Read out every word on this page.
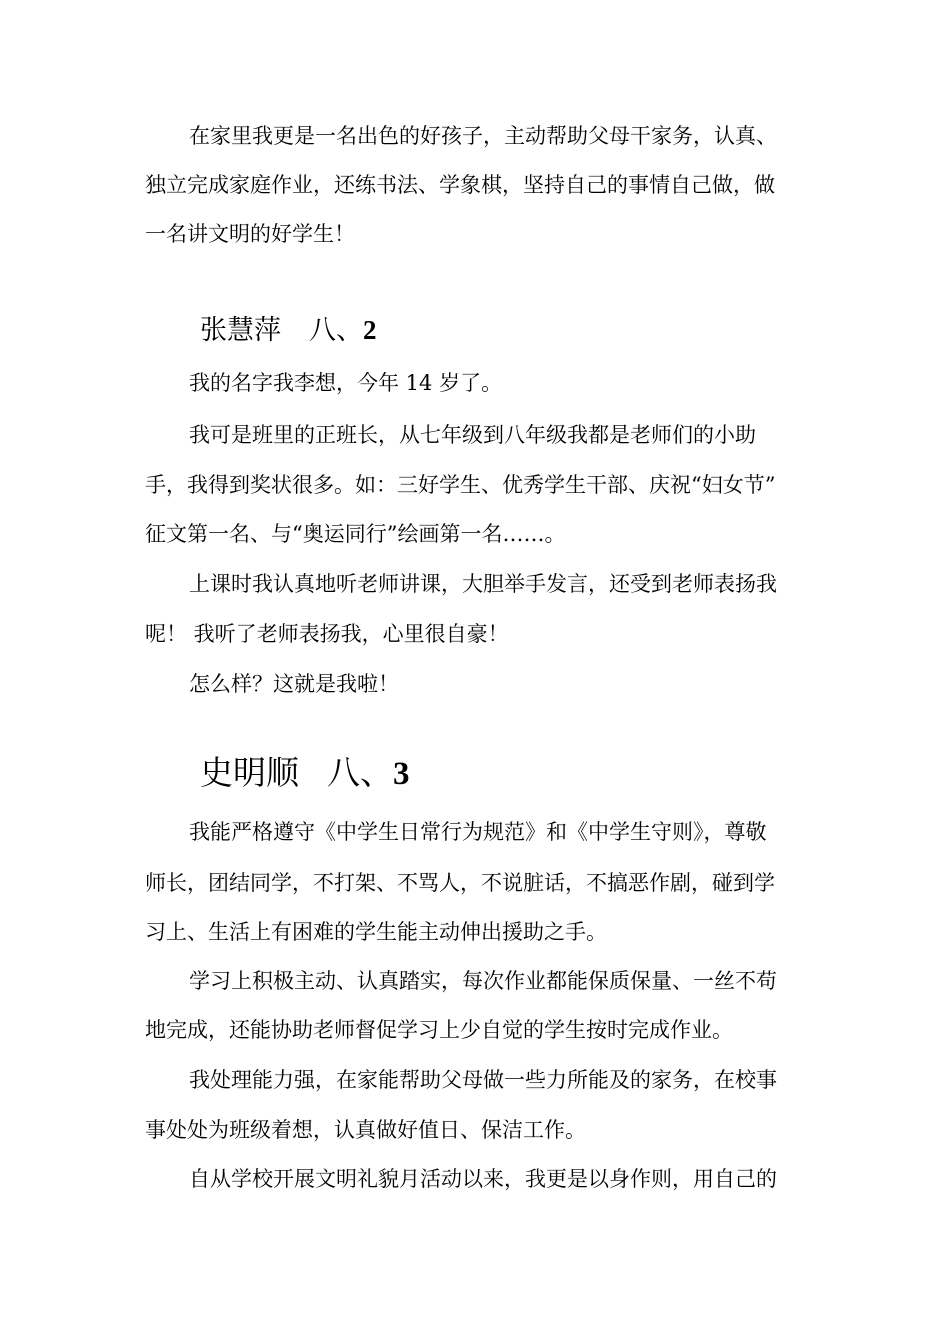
在家里我更是一名出色的好孩子，主动帮助父母干家务，认真、
独立完成家庭作业，还练书法、学象棋，坚持自己的事情自己做，做
一名讲文明的好学生！
张慧萍 八、2
我的名字我李想，今年 14 岁了。
我可是班里的正班长，从七年级到八年级我都是老师们的小助
手，我得到奖状很多。如：三好学生、优秀学生干部、庆祝“妇女节”
征文第一名、与“奥运同行”绘画第一名……。
上课时我认真地听老师讲课，大胆举手发言，还受到老师表扬我
呢！ 我听了老师表扬我，心里很自豪！
怎么样？这就是我啦！
史明顺 八、3
我能严格遵守《中学生日常行为规范》和《中学生守则》，尊敬
师长，团结同学，不打架、不骂人，不说脏话，不搞恶作剧，碰到学
习上、生活上有困难的学生能主动伸出援助之手。
学习上积极主动、认真踏实，每次作业都能保质保量、一丝不苟
地完成，还能协助老师督促学习上少自觉的学生按时完成作业。
我处理能力强，在家能帮助父母做一些力所能及的家务，在校事
事处处为班级着想，认真做好值日、保洁工作。
自从学校开展文明礼貌月活动以来，我更是以身作则，用自己的
